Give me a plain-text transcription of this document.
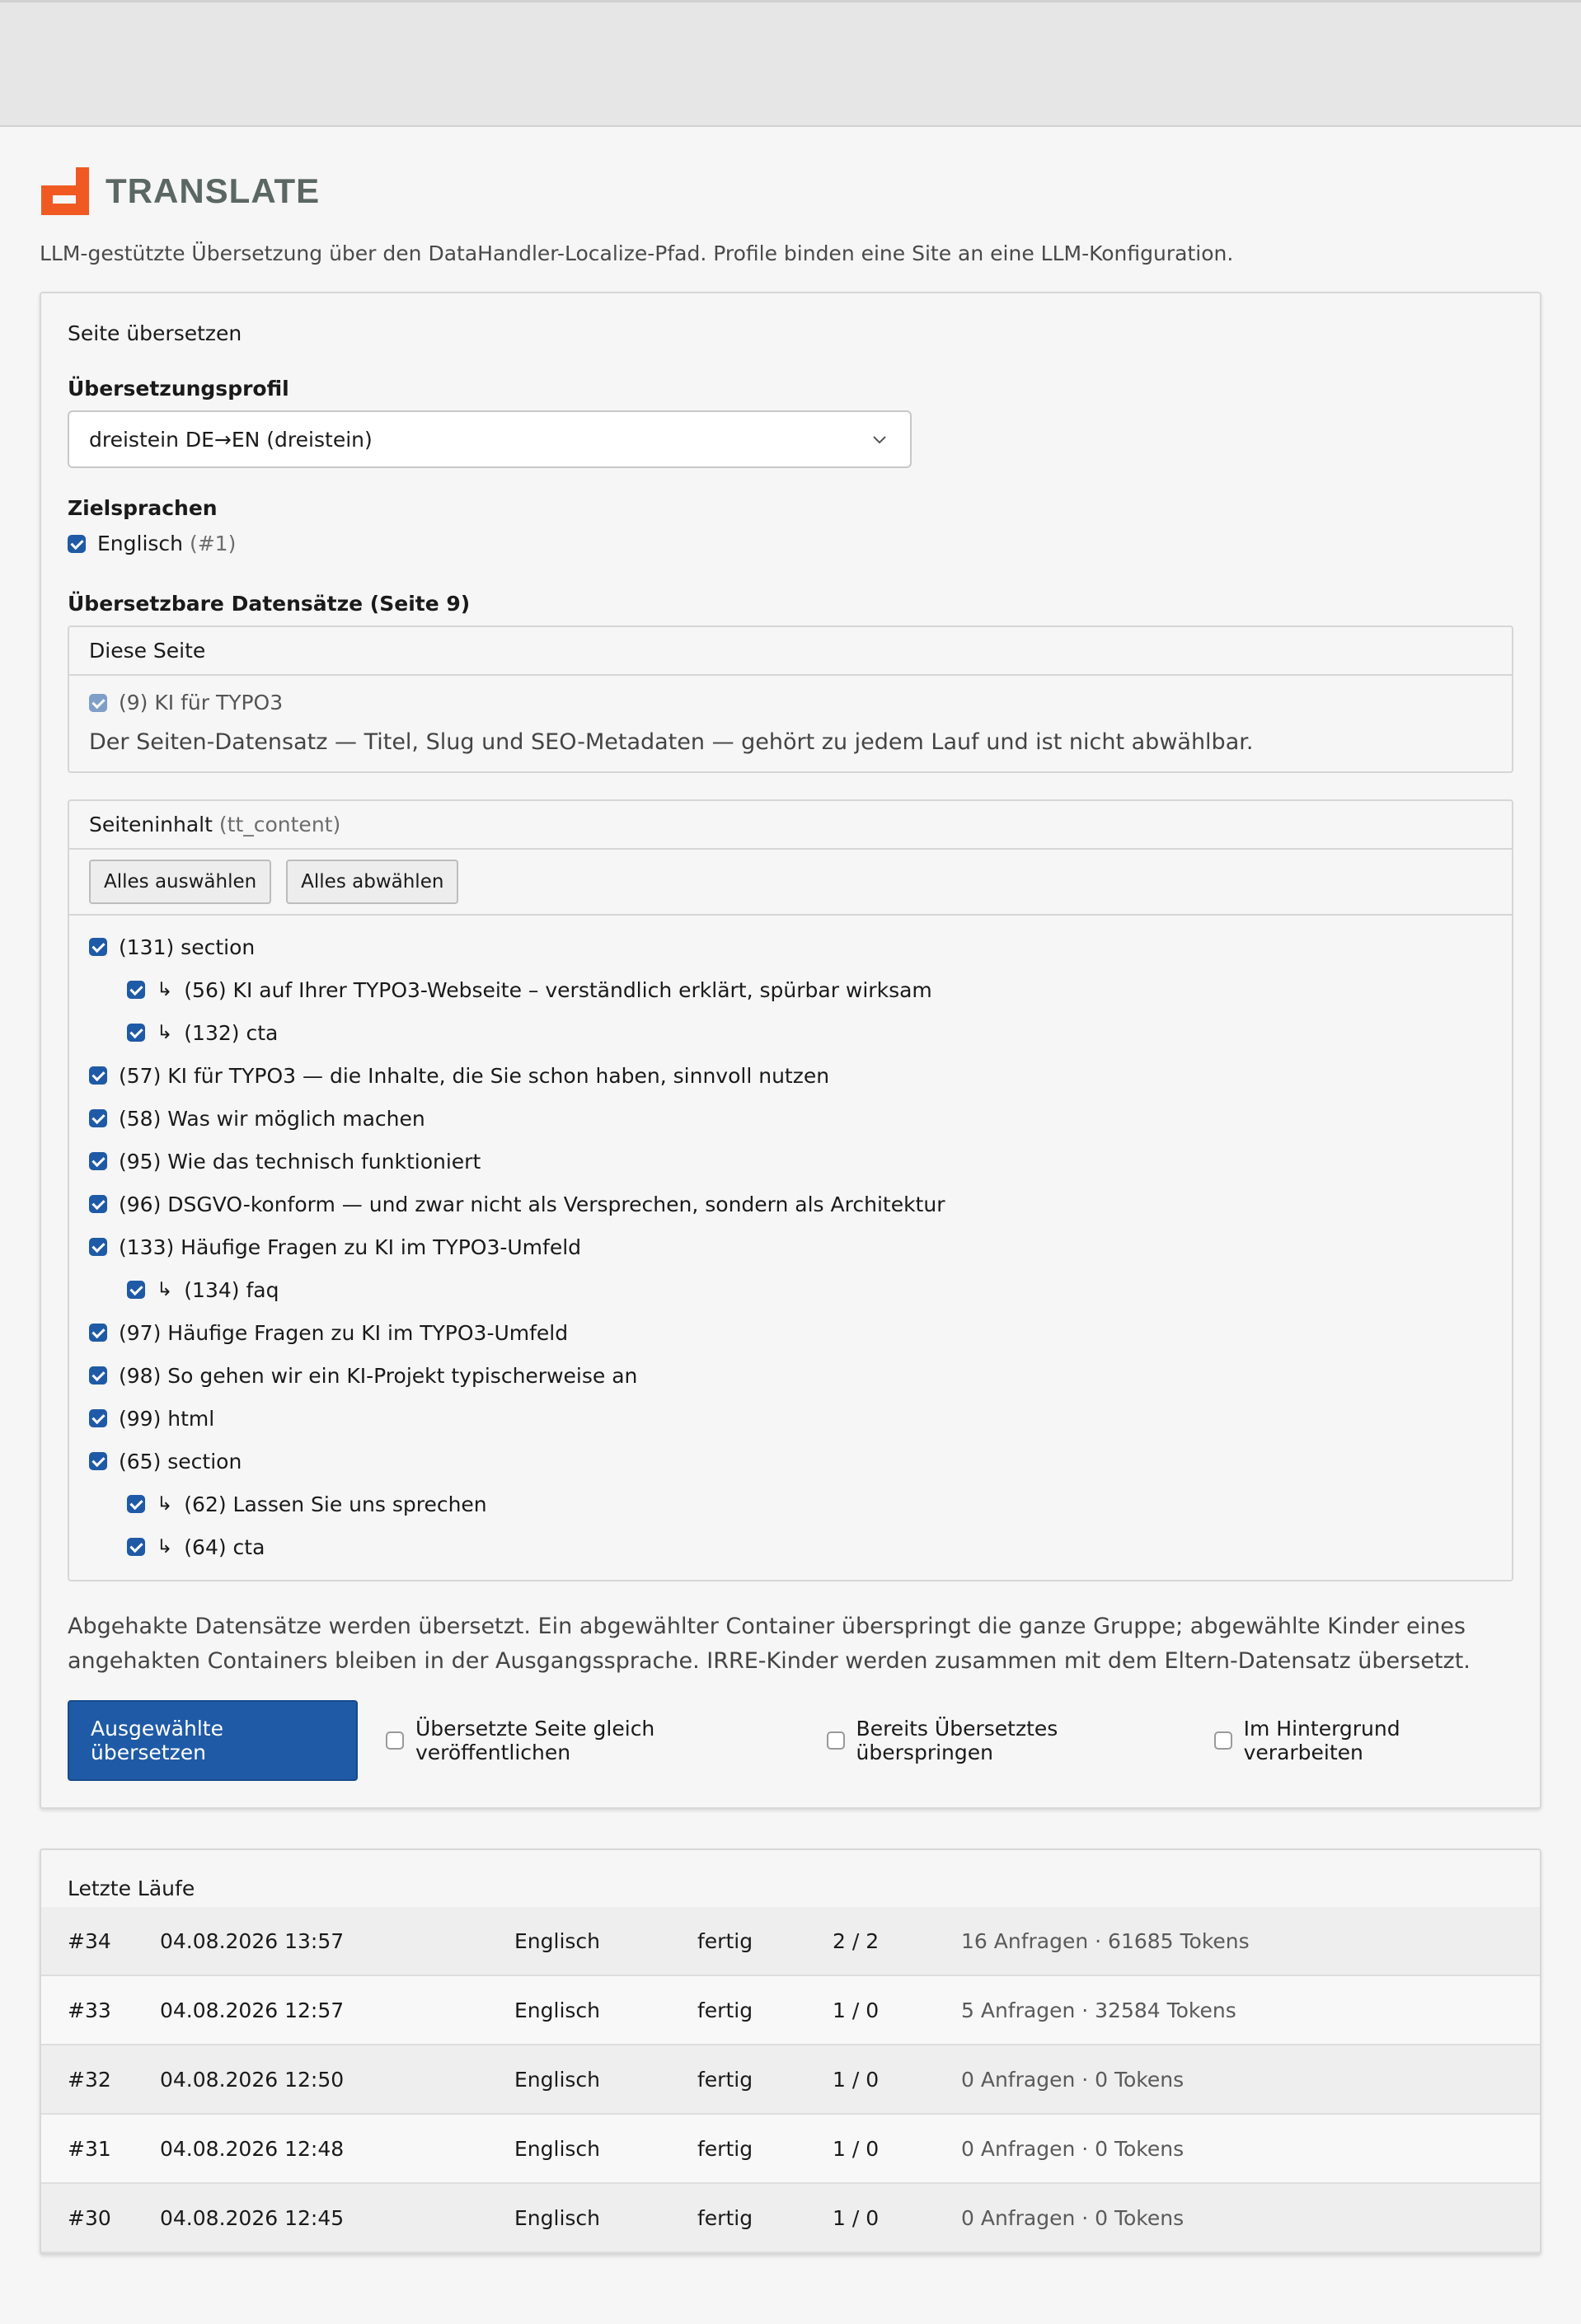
TRANSLATE
LLM-gestützte Übersetzung über den DataHandler-Localize-Pfad. Profile binden eine Site an eine LLM-Konfiguration.
Seite übersetzen
Übersetzungsprofil
dreistein DE→EN (dreistein)
Zielsprachen
Englisch (#1)
Übersetzbare Datensätze (Seite 9)
Diese Seite
(9) KI für TYPO3
Der Seiten-Datensatz — Titel, Slug und SEO-Metadaten — gehört zu jedem Lauf und ist nicht abwählbar.
Seiteninhalt (tt_content)
Alles auswählen Alles abwählen
(131) section
↳ (56) KI auf Ihrer TYPO3-Webseite – verständlich erklärt, spürbar wirksam
↳ (132) cta
(57) KI für TYPO3 — die Inhalte, die Sie schon haben, sinnvoll nutzen
(58) Was wir möglich machen
(95) Wie das technisch funktioniert
(96) DSGVO-konform — und zwar nicht als Versprechen, sondern als Architektur
(133) Häufige Fragen zu KI im TYPO3-Umfeld
↳ (134) faq
(97) Häufige Fragen zu KI im TYPO3-Umfeld
(98) So gehen wir ein KI-Projekt typischerweise an
(99) html
(65) section
↳ (62) Lassen Sie uns sprechen
↳ (64) cta
Abgehakte Datensätze werden übersetzt. Ein abgewählter Container überspringt die ganze Gruppe; abgewählte Kinder eines angehakten Containers bleiben in der Ausgangssprache. IRRE-Kinder werden zusammen mit dem Eltern-Datensatz übersetzt.
Ausgewählte übersetzen
Übersetzte Seite gleich veröffentlichen
Bereits Übersetztes überspringen
Im Hintergrund verarbeiten
Letzte Läufe
#34	04.08.2026 13:57	Englisch	fertig	2 / 2	16 Anfragen · 61685 Tokens
#33	04.08.2026 12:57	Englisch	fertig	1 / 0	5 Anfragen · 32584 Tokens
#32	04.08.2026 12:50	Englisch	fertig	1 / 0	0 Anfragen · 0 Tokens
#31	04.08.2026 12:48	Englisch	fertig	1 / 0	0 Anfragen · 0 Tokens
#30	04.08.2026 12:45	Englisch	fertig	1 / 0	0 Anfragen · 0 Tokens
